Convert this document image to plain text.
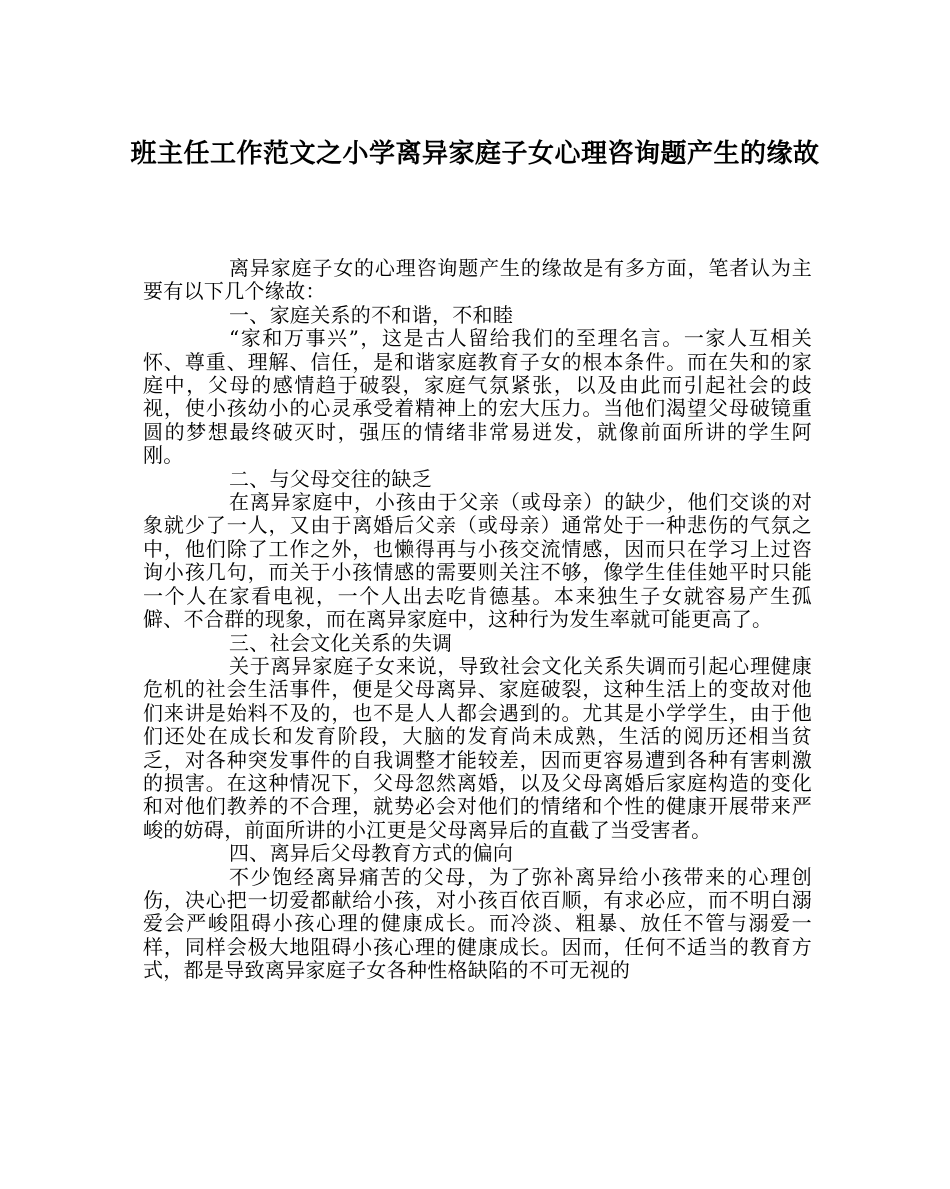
班主任工作范文之小学离异家庭子女心理咨询题产生的缘故

离异家庭子女的心理咨询题产生的缘故是有多方面，笔者认为主要有以下几个缘故：

一、家庭关系的不和谐，不和睦

“家和万事兴”，这是古人留给我们的至理名言。一家人互相关怀、尊重、理解、信任，是和谐家庭教育子女的根本条件。而在失和的家庭中，父母的感情趋于破裂，家庭气氛紧张，以及由此而引起社会的歧视，使小孩幼小的心灵承受着精神上的宏大压力。当他们渴望父母破镜重圆的梦想最终破灭时，强压的情绪非常易迸发，就像前面所讲的学生阿刚。

二、与父母交往的缺乏

在离异家庭中，小孩由于父亲（或母亲）的缺少，他们交谈的对象就少了一人，又由于离婚后父亲（或母亲）通常处于一种悲伤的气氛之中，他们除了工作之外，也懒得再与小孩交流情感，因而只在学习上过咨询小孩几句，而关于小孩情感的需要则关注不够，像学生佳佳她平时只能一个人在家看电视，一个人出去吃肯德基。本来独生子女就容易产生孤僻、不合群的现象，而在离异家庭中，这种行为发生率就可能更高了。

三、社会文化关系的失调

关于离异家庭子女来说，导致社会文化关系失调而引起心理健康危机的社会生活事件，便是父母离异、家庭破裂，这种生活上的变故对他们来讲是始料不及的，也不是人人都会遇到的。尤其是小学学生，由于他们还处在成长和发育阶段，大脑的发育尚未成熟，生活的阅历还相当贫乏，对各种突发事件的自我调整才能较差，因而更容易遭到各种有害刺激的损害。在这种情况下，父母忽然离婚，以及父母离婚后家庭构造的变化和对他们教养的不合理，就势必会对他们的情绪和个性的健康开展带来严峻的妨碍，前面所讲的小江更是父母离异后的直截了当受害者。

四、离异后父母教育方式的偏向

不少饱经离异痛苦的父母，为了弥补离异给小孩带来的心理创伤，决心把一切爱都献给小孩，对小孩百依百顺，有求必应，而不明白溺爱会严峻阻碍小孩心理的健康成长。而冷淡、粗暴、放任不管与溺爱一样，同样会极大地阻碍小孩心理的健康成长。因而，任何不适当的教育方式，都是导致离异家庭子女各种性格缺陷的不可无视的
